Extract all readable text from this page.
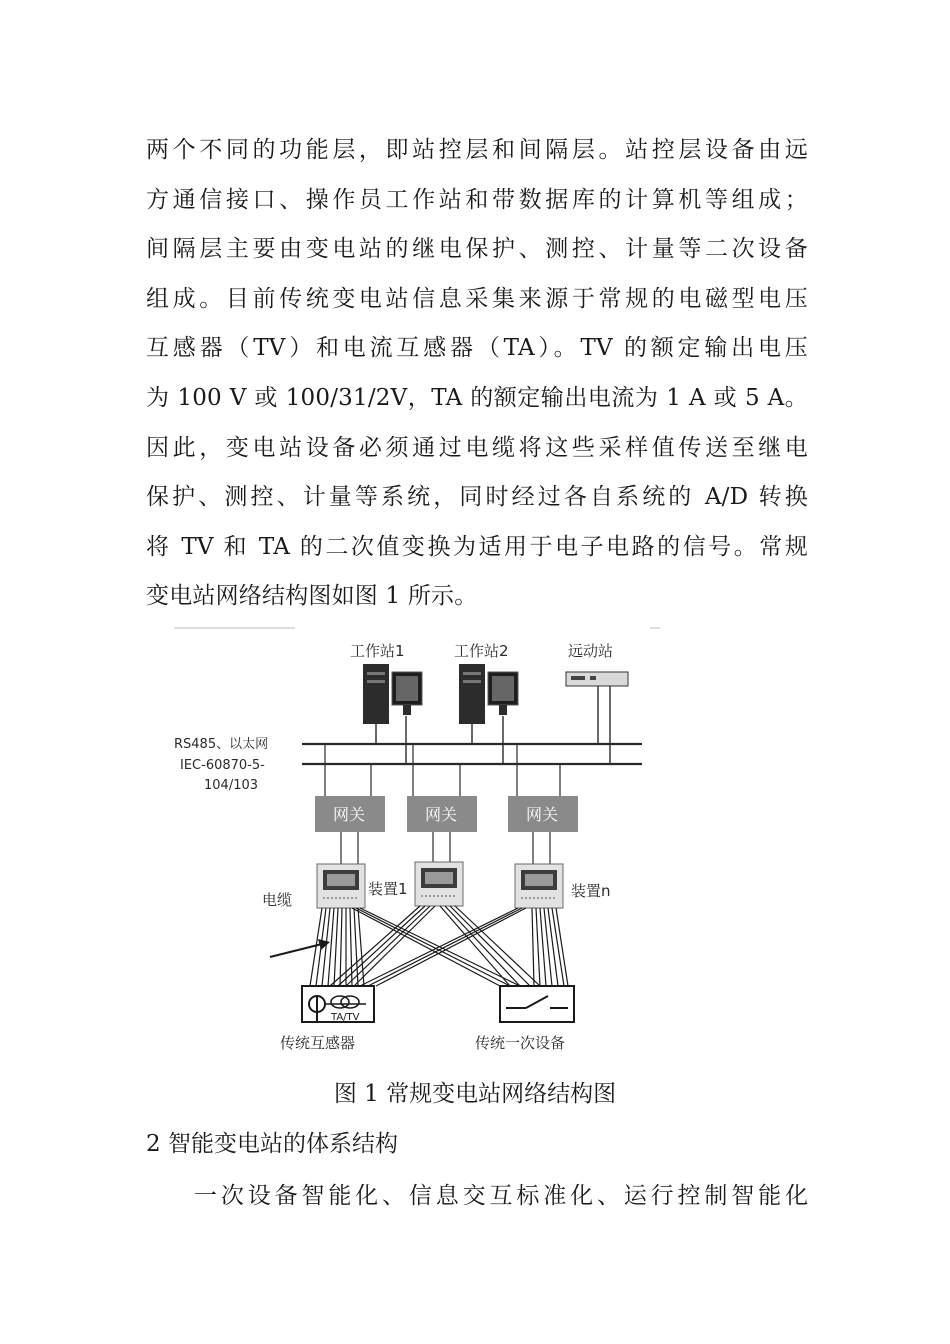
两个不同的功能层，即站控层和间隔层。站控层设备由远
方通信接口、操作员工作站和带数据库的计算机等组成；
间隔层主要由变电站的继电保护、测控、计量等二次设备
组成。目前传统变电站信息采集来源于常规的电磁型电压
互感器（TV）和电流互感器（TA）。TV 的额定输出电压
为 100 V 或 100/31/2V，TA 的额定输出电流为 1 A 或 5 A。
因此，变电站设备必须通过电缆将这些采样值传送至继电
保护、测控、计量等系统，同时经过各自系统的 A/D 转换
将 TV 和 TA 的二次值变换为适用于电子电路的信号。常规
变电站网络结构图如图 1 所示。
工作站1	工作站2	远动站
RS485、以太网
IEC-60870-5-
104/103
网关	网关	网关
装置1	装置n
电缆
TA/TV
传统互感器	传统一次设备
图 1 常规变电站网络结构图
2 智能变电站的体系结构
一次设备智能化、信息交互标准化、运行控制智能化
